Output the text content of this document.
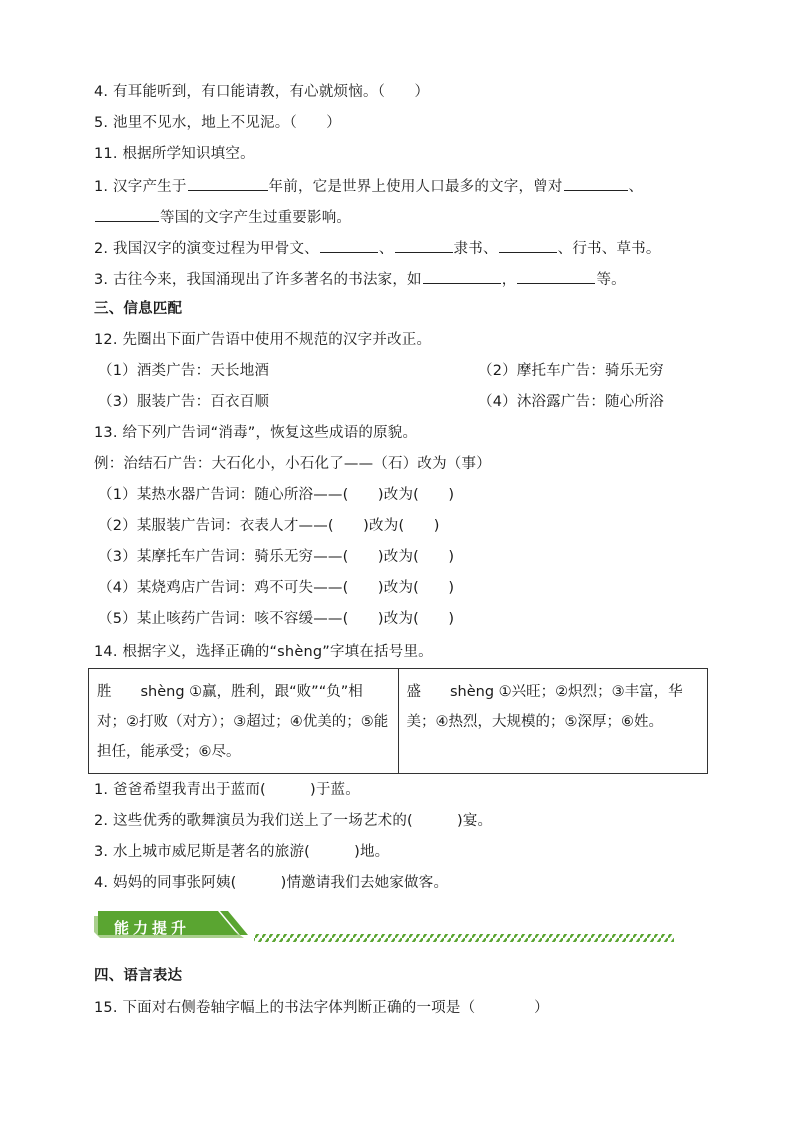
4. 有耳能听到，有口能请教，有心就烦恼。（　　）
5. 池里不见水，地上不见泥。（　　）
11. 根据所学知识填空。
1. 汉字产生于	年前，它是世界上使用人口最多的文字，曾对	、
等国的文字产生过重要影响。
2. 我国汉字的演变过程为甲骨文、	、	隶书、	、行书、草书。
3. 古往今来，我国涌现出了许多著名的书法家，如	，	等。
三、信息匹配
12. 先圈出下面广告语中使用不规范的汉字并改正。
（1）酒类广告：天长地酒	（2）摩托车广告：骑乐无穷
（3）服装广告：百衣百顺	（4）沐浴露广告：随心所浴
13. 给下列广告词“消毒”，恢复这些成语的原貌。
例：治结石广告：大石化小，小石化了——（石）改为（事）
（1）某热水器广告词：随心所浴——(　　)改为(　　)
（2）某服装广告词：衣表人才——(　　)改为(　　)
（3）某摩托车广告词：骑乐无穷——(　　)改为(　　)
（4）某烧鸡店广告词：鸡不可失——(　　)改为(　　)
（5）某止咳药广告词：咳不容缓——(　　)改为(　　)
14. 根据字义，选择正确的“shèng”字填在括号里。
胜　　shèng ①赢，胜利，跟“败”“负”相对；②打败（对方）；③超过；④优美的；⑤能担任，能承受；⑥尽。	盛　　shèng ①兴旺；②炽烈；③丰富，华美；④热烈，大规模的；⑤深厚；⑥姓。
1. 爸爸希望我青出于蓝而(　　　)于蓝。
2. 这些优秀的歌舞演员为我们送上了一场艺术的(　　　)宴。
3. 水上城市威尼斯是著名的旅游(　　　)地。
4. 妈妈的同事张阿姨(　　　)情邀请我们去她家做客。
能力提升
四、语言表达
15. 下面对右侧卷轴字幅上的书法字体判断正确的一项是（　　　　）
